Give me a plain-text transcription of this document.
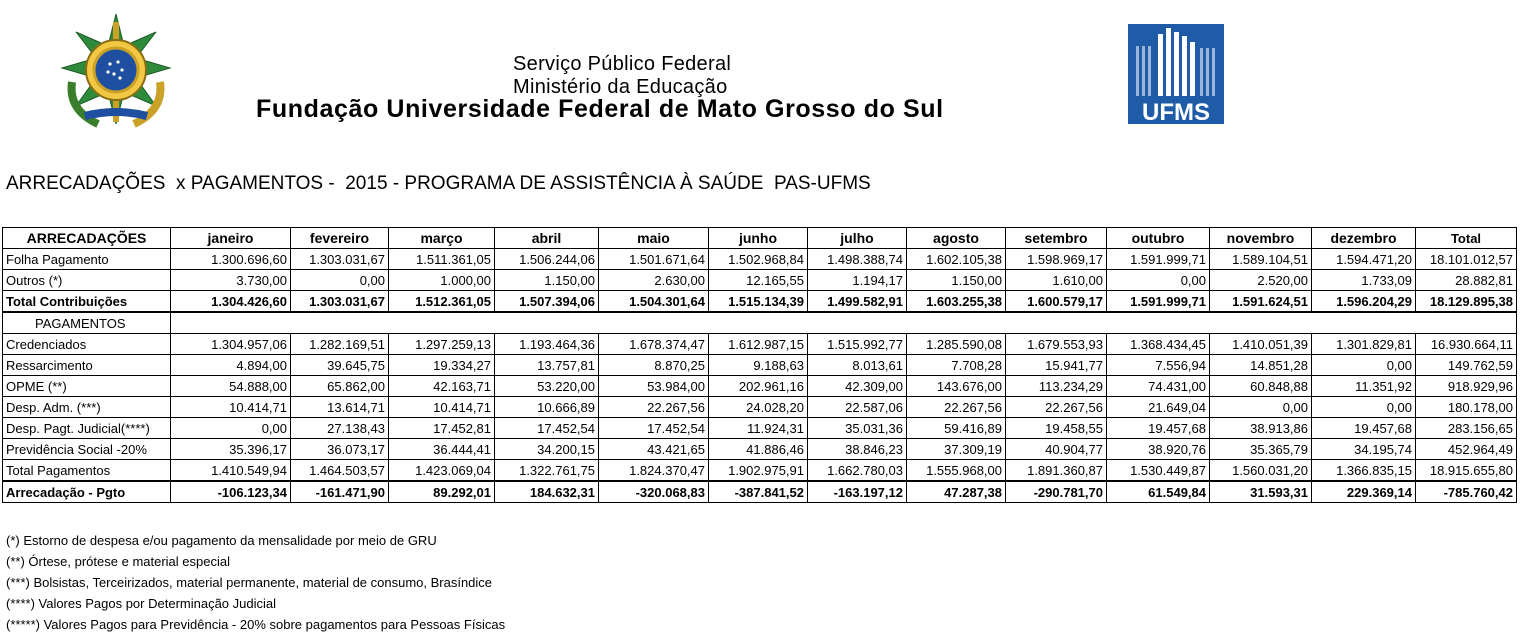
Serviço Público Federal
Ministério da Educação
Fundação Universidade Federal de Mato Grosso do Sul	UFMS
ARRECADAÇÕES  x PAGAMENTOS -  2015 - PROGRAMA DE ASSISTÊNCIA À SAÚDE  PAS-UFMS
ARRECADAÇÕES	janeiro	fevereiro	março	abril	maio	junho	julho	agosto	setembro	outubro	novembro	dezembro	Total
Folha Pagamento	1.300.696,60	1.303.031,67	1.511.361,05	1.506.244,06	1.501.671,64	1.502.968,84	1.498.388,74	1.602.105,38	1.598.969,17	1.591.999,71	1.589.104,51	1.594.471,20	18.101.012,57
Outros (*)	3.730,00	0,00	1.000,00	1.150,00	2.630,00	12.165,55	1.194,17	1.150,00	1.610,00	0,00	2.520,00	1.733,09	28.882,81
Total Contribuições	1.304.426,60	1.303.031,67	1.512.361,05	1.507.394,06	1.504.301,64	1.515.134,39	1.499.582,91	1.603.255,38	1.600.579,17	1.591.999,71	1.591.624,51	1.596.204,29	18.129.895,38
PAGAMENTOS													
Credenciados	1.304.957,06	1.282.169,51	1.297.259,13	1.193.464,36	1.678.374,47	1.612.987,15	1.515.992,77	1.285.590,08	1.679.553,93	1.368.434,45	1.410.051,39	1.301.829,81	16.930.664,11
Ressarcimento	4.894,00	39.645,75	19.334,27	13.757,81	8.870,25	9.188,63	8.013,61	7.708,28	15.941,77	7.556,94	14.851,28	0,00	149.762,59
OPME (**)	54.888,00	65.862,00	42.163,71	53.220,00	53.984,00	202.961,16	42.309,00	143.676,00	113.234,29	74.431,00	60.848,88	11.351,92	918.929,96
Desp. Adm. (***)	10.414,71	13.614,71	10.414,71	10.666,89	22.267,56	24.028,20	22.587,06	22.267,56	22.267,56	21.649,04	0,00	0,00	180.178,00
Desp. Pagt. Judicial(****)	0,00	27.138,43	17.452,81	17.452,54	17.452,54	11.924,31	35.031,36	59.416,89	19.458,55	19.457,68	38.913,86	19.457,68	283.156,65
Previdência Social -20%	35.396,17	36.073,17	36.444,41	34.200,15	43.421,65	41.886,46	38.846,23	37.309,19	40.904,77	38.920,76	35.365,79	34.195,74	452.964,49
Total Pagamentos	1.410.549,94	1.464.503,57	1.423.069,04	1.322.761,75	1.824.370,47	1.902.975,91	1.662.780,03	1.555.968,00	1.891.360,87	1.530.449,87	1.560.031,20	1.366.835,15	18.915.655,80
Arrecadação - Pgto	-106.123,34	-161.471,90	89.292,01	184.632,31	-320.068,83	-387.841,52	-163.197,12	47.287,38	-290.781,70	61.549,84	31.593,31	229.369,14	-785.760,42
(*) Estorno de despesa e/ou pagamento da mensalidade por meio de GRU
(**) Órtese, prótese e material especial
(***) Bolsistas, Terceirizados, material permanente, material de consumo, Brasíndice
(****) Valores Pagos por Determinação Judicial
(*****) Valores Pagos para Previdência - 20% sobre pagamentos para Pessoas Físicas
